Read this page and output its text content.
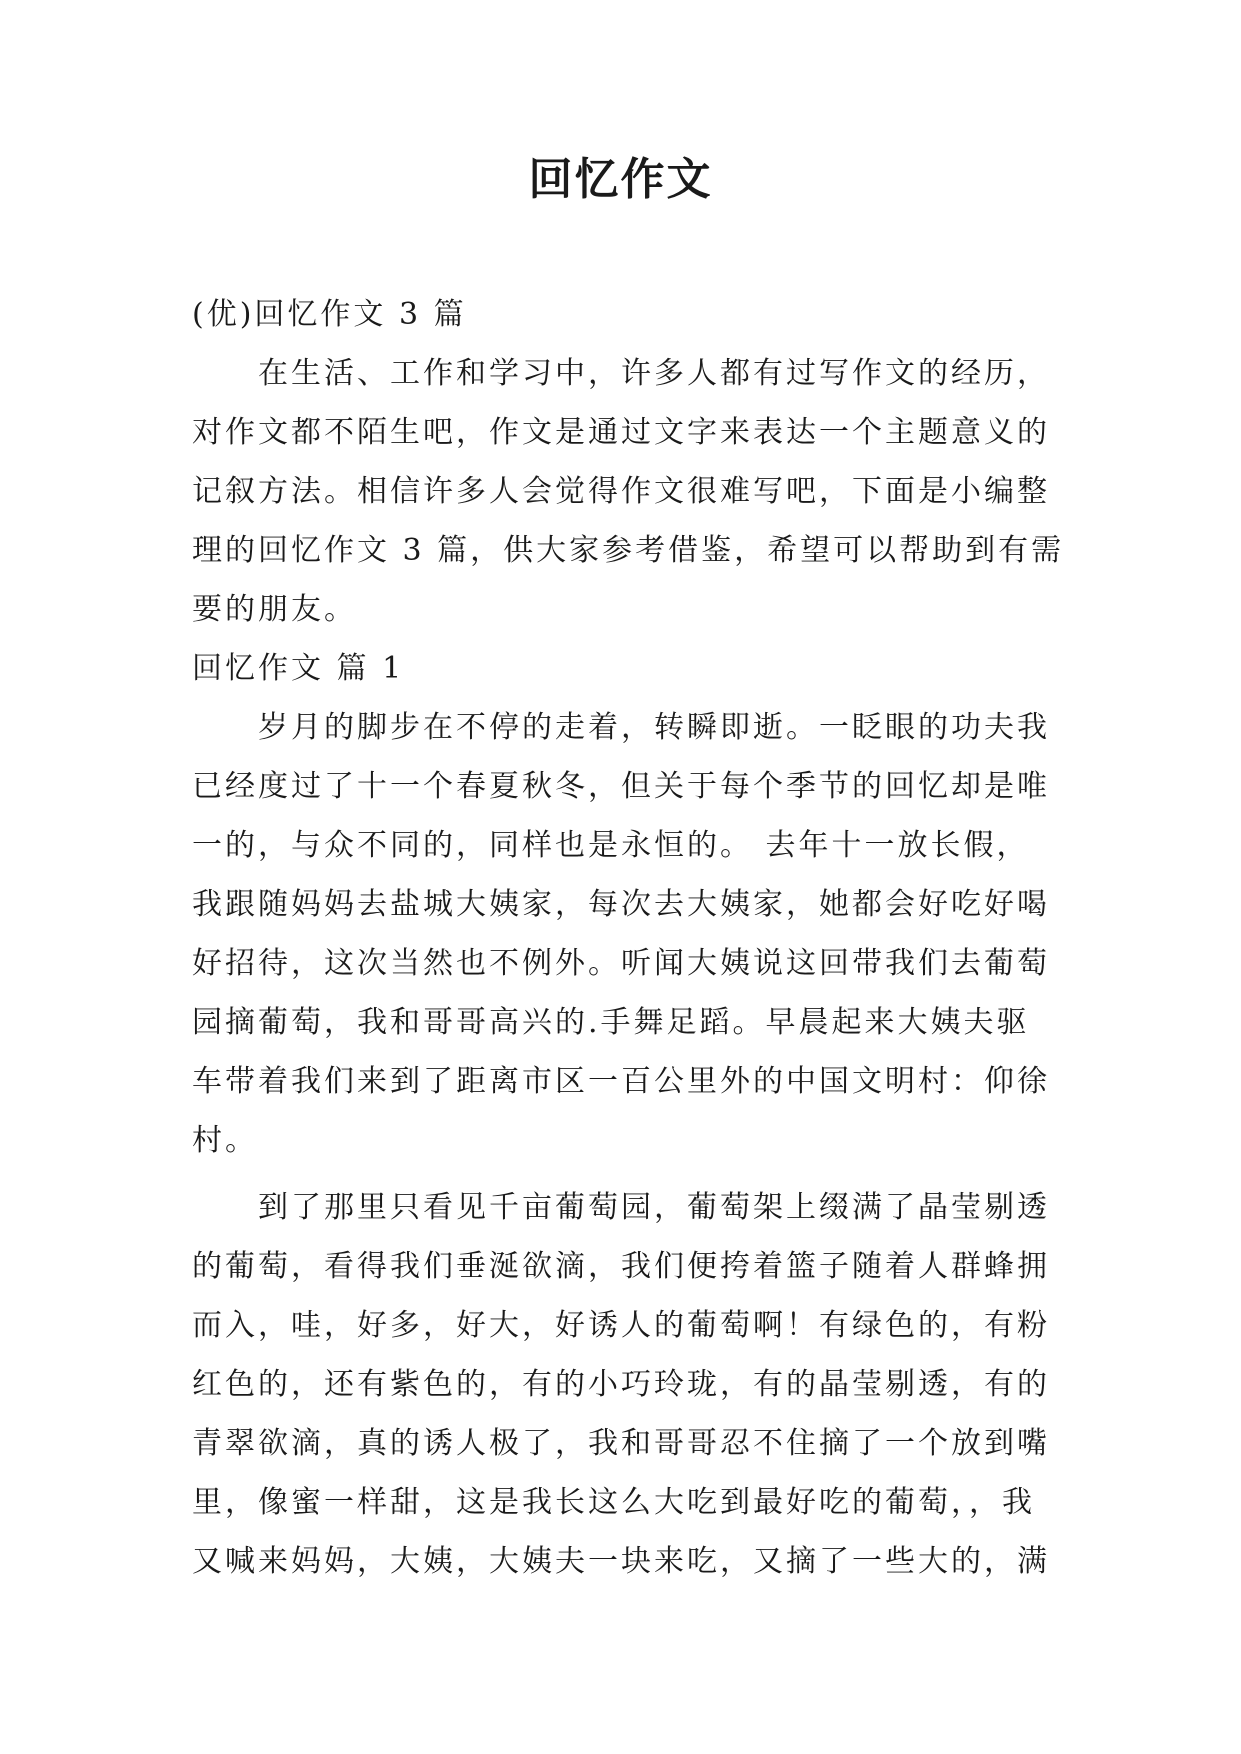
回忆作文
(优)回忆作文 3 篇
在生活、工作和学习中，许多人都有过写作文的经历，
对作文都不陌生吧，作文是通过文字来表达一个主题意义的
记叙方法。相信许多人会觉得作文很难写吧，下面是小编整
理的回忆作文 3 篇，供大家参考借鉴，希望可以帮助到有需
要的朋友。
回忆作文 篇 1
岁月的脚步在不停的走着，转瞬即逝。一眨眼的功夫我
已经度过了十一个春夏秋冬，但关于每个季节的回忆却是唯
一的，与众不同的，同样也是永恒的。 去年十一放长假，
我跟随妈妈去盐城大姨家，每次去大姨家，她都会好吃好喝
好招待，这次当然也不例外。听闻大姨说这回带我们去葡萄
园摘葡萄，我和哥哥高兴的.手舞足蹈。早晨起来大姨夫驱
车带着我们来到了距离市区一百公里外的中国文明村：仰徐
村。
到了那里只看见千亩葡萄园，葡萄架上缀满了晶莹剔透
的葡萄，看得我们垂涎欲滴，我们便挎着篮子随着人群蜂拥
而入，哇，好多，好大，好诱人的葡萄啊！有绿色的，有粉
红色的，还有紫色的，有的小巧玲珑，有的晶莹剔透，有的
青翠欲滴，真的诱人极了，我和哥哥忍不住摘了一个放到嘴
里，像蜜一样甜，这是我长这么大吃到最好吃的葡萄，，我
又喊来妈妈，大姨，大姨夫一块来吃，又摘了一些大的，满
